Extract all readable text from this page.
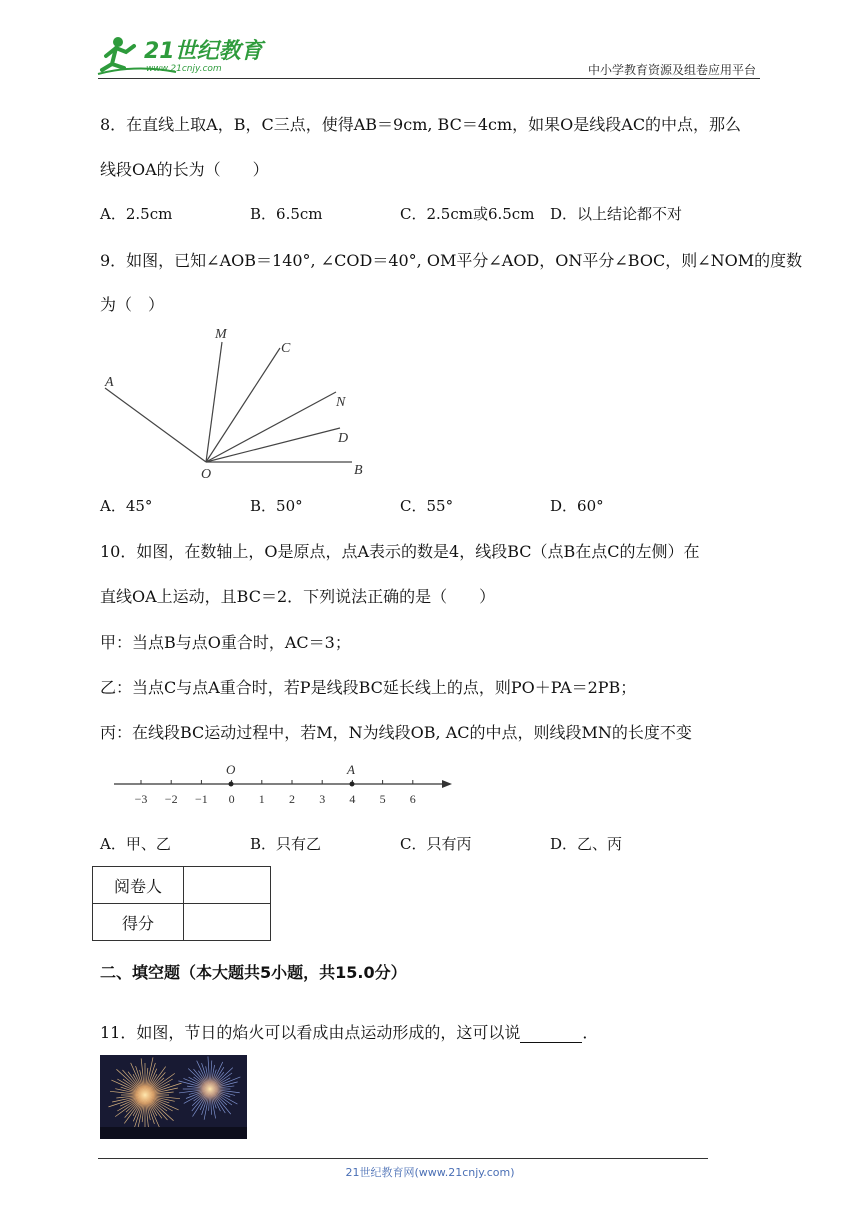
21世纪教育
www.21cnjy.com	中小学教育资源及组卷应用平台
8．在直线上取A，B，C三点，使得AB＝9cm, BC＝4cm，如果O是线段AC的中点，那么
线段OA的长为（　　）
A．2.5cm	B．6.5cm	C．2.5cm或6.5cm D．以上结论都不对
9．如图，已知∠AOB＝140°, ∠COD＝40°, OM平分∠AOD，ON平分∠BOC，则∠NOM的度数
为（　）
M
C
A
N
D
O	B
A．45°	B．50°	C．55°	D．60°
10．如图，在数轴上，O是原点，点A表示的数是4，线段BC（点B在点C的左侧）在
直线OA上运动，且BC＝2．下列说法正确的是（　　）
甲：当点B与点O重合时，AC＝3；
乙：当点C与点A重合时，若P是线段BC延长线上的点，则PO＋PA＝2PB；
丙：在线段BC运动过程中，若M，N为线段OB, AC的中点，则线段MN的长度不变
−3 −2 −1 0 1 2 3 4 5 6
O	A
A．甲、乙	B．只有乙	C．只有丙	D．乙、丙
阅卷人	
得分	
二、填空题（本大题共5小题，共15.0分）
11．如图，节日的焰火可以看成由点运动形成的，这可以说	．
21世纪教育网(www.21cnjy.com)
